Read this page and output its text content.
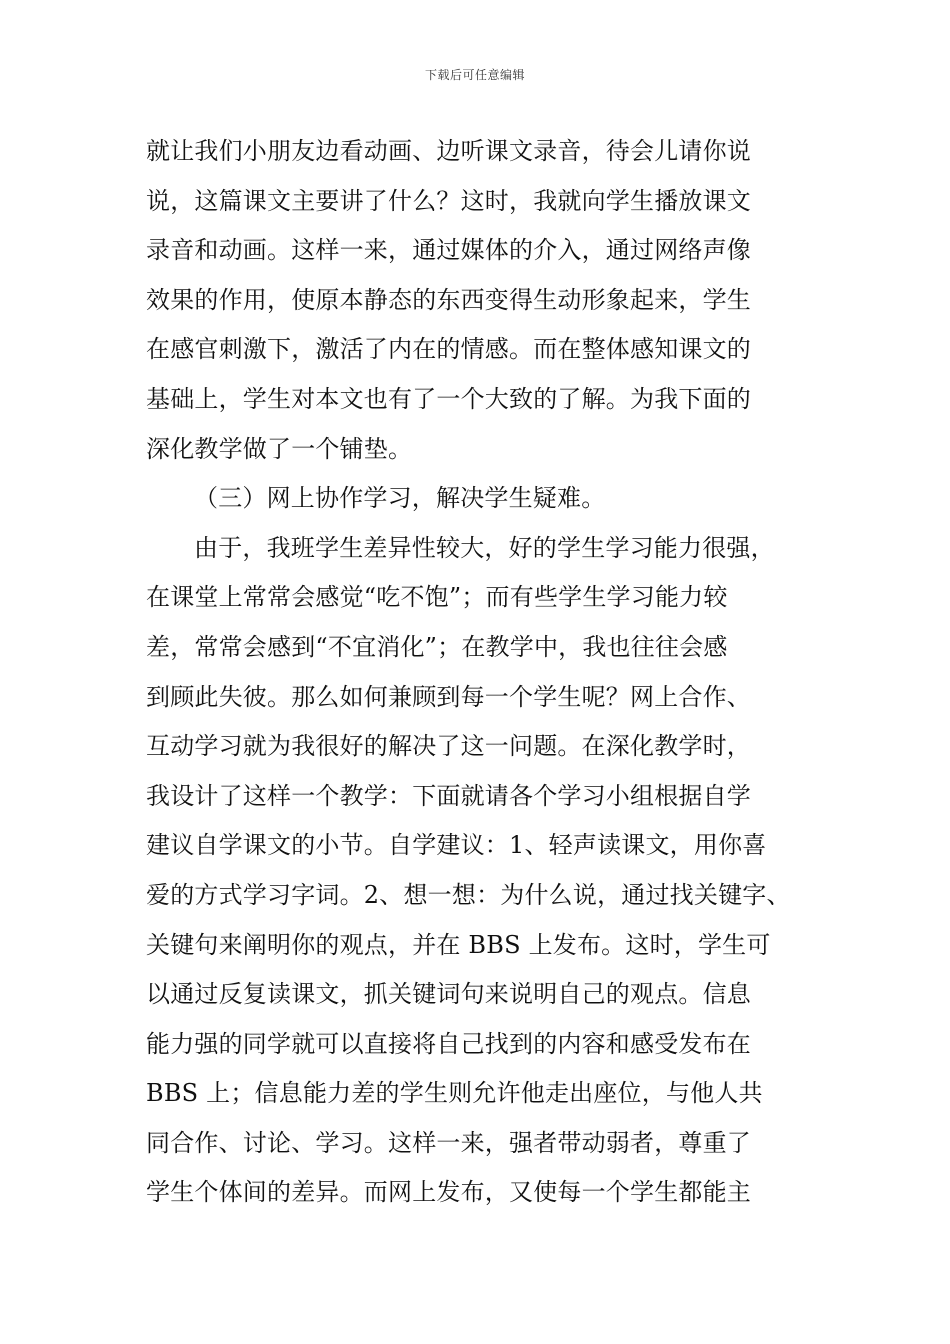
下载后可任意编辑
就让我们小朋友边看动画、边听课文录音，待会儿请你说
说，这篇课文主要讲了什么？这时，我就向学生播放课文
录音和动画。这样一来，通过媒体的介入，通过网络声像
效果的作用，使原本静态的东西变得生动形象起来，学生
在感官刺激下，激活了内在的情感。而在整体感知课文的
基础上，学生对本文也有了一个大致的了解。为我下面的
深化教学做了一个铺垫。
（三）网上协作学习，解决学生疑难。
由于，我班学生差异性较大，好的学生学习能力很强，
在课堂上常常会感觉“吃不饱”；而有些学生学习能力较
差，常常会感到“不宜消化”；在教学中，我也往往会感
到顾此失彼。那么如何兼顾到每一个学生呢？网上合作、
互动学习就为我很好的解决了这一问题。在深化教学时，
我设计了这样一个教学：下面就请各个学习小组根据自学
建议自学课文的小节。自学建议：1、轻声读课文，用你喜
爱的方式学习字词。2、想一想：为什么说，通过找关键字、
关键句来阐明你的观点，并在 BBS 上发布。这时，学生可
以通过反复读课文，抓关键词句来说明自己的观点。信息
能力强的同学就可以直接将自己找到的内容和感受发布在
BBS 上；信息能力差的学生则允许他走出座位，与他人共
同合作、讨论、学习。这样一来，强者带动弱者，尊重了
学生个体间的差异。而网上发布，又使每一个学生都能主
